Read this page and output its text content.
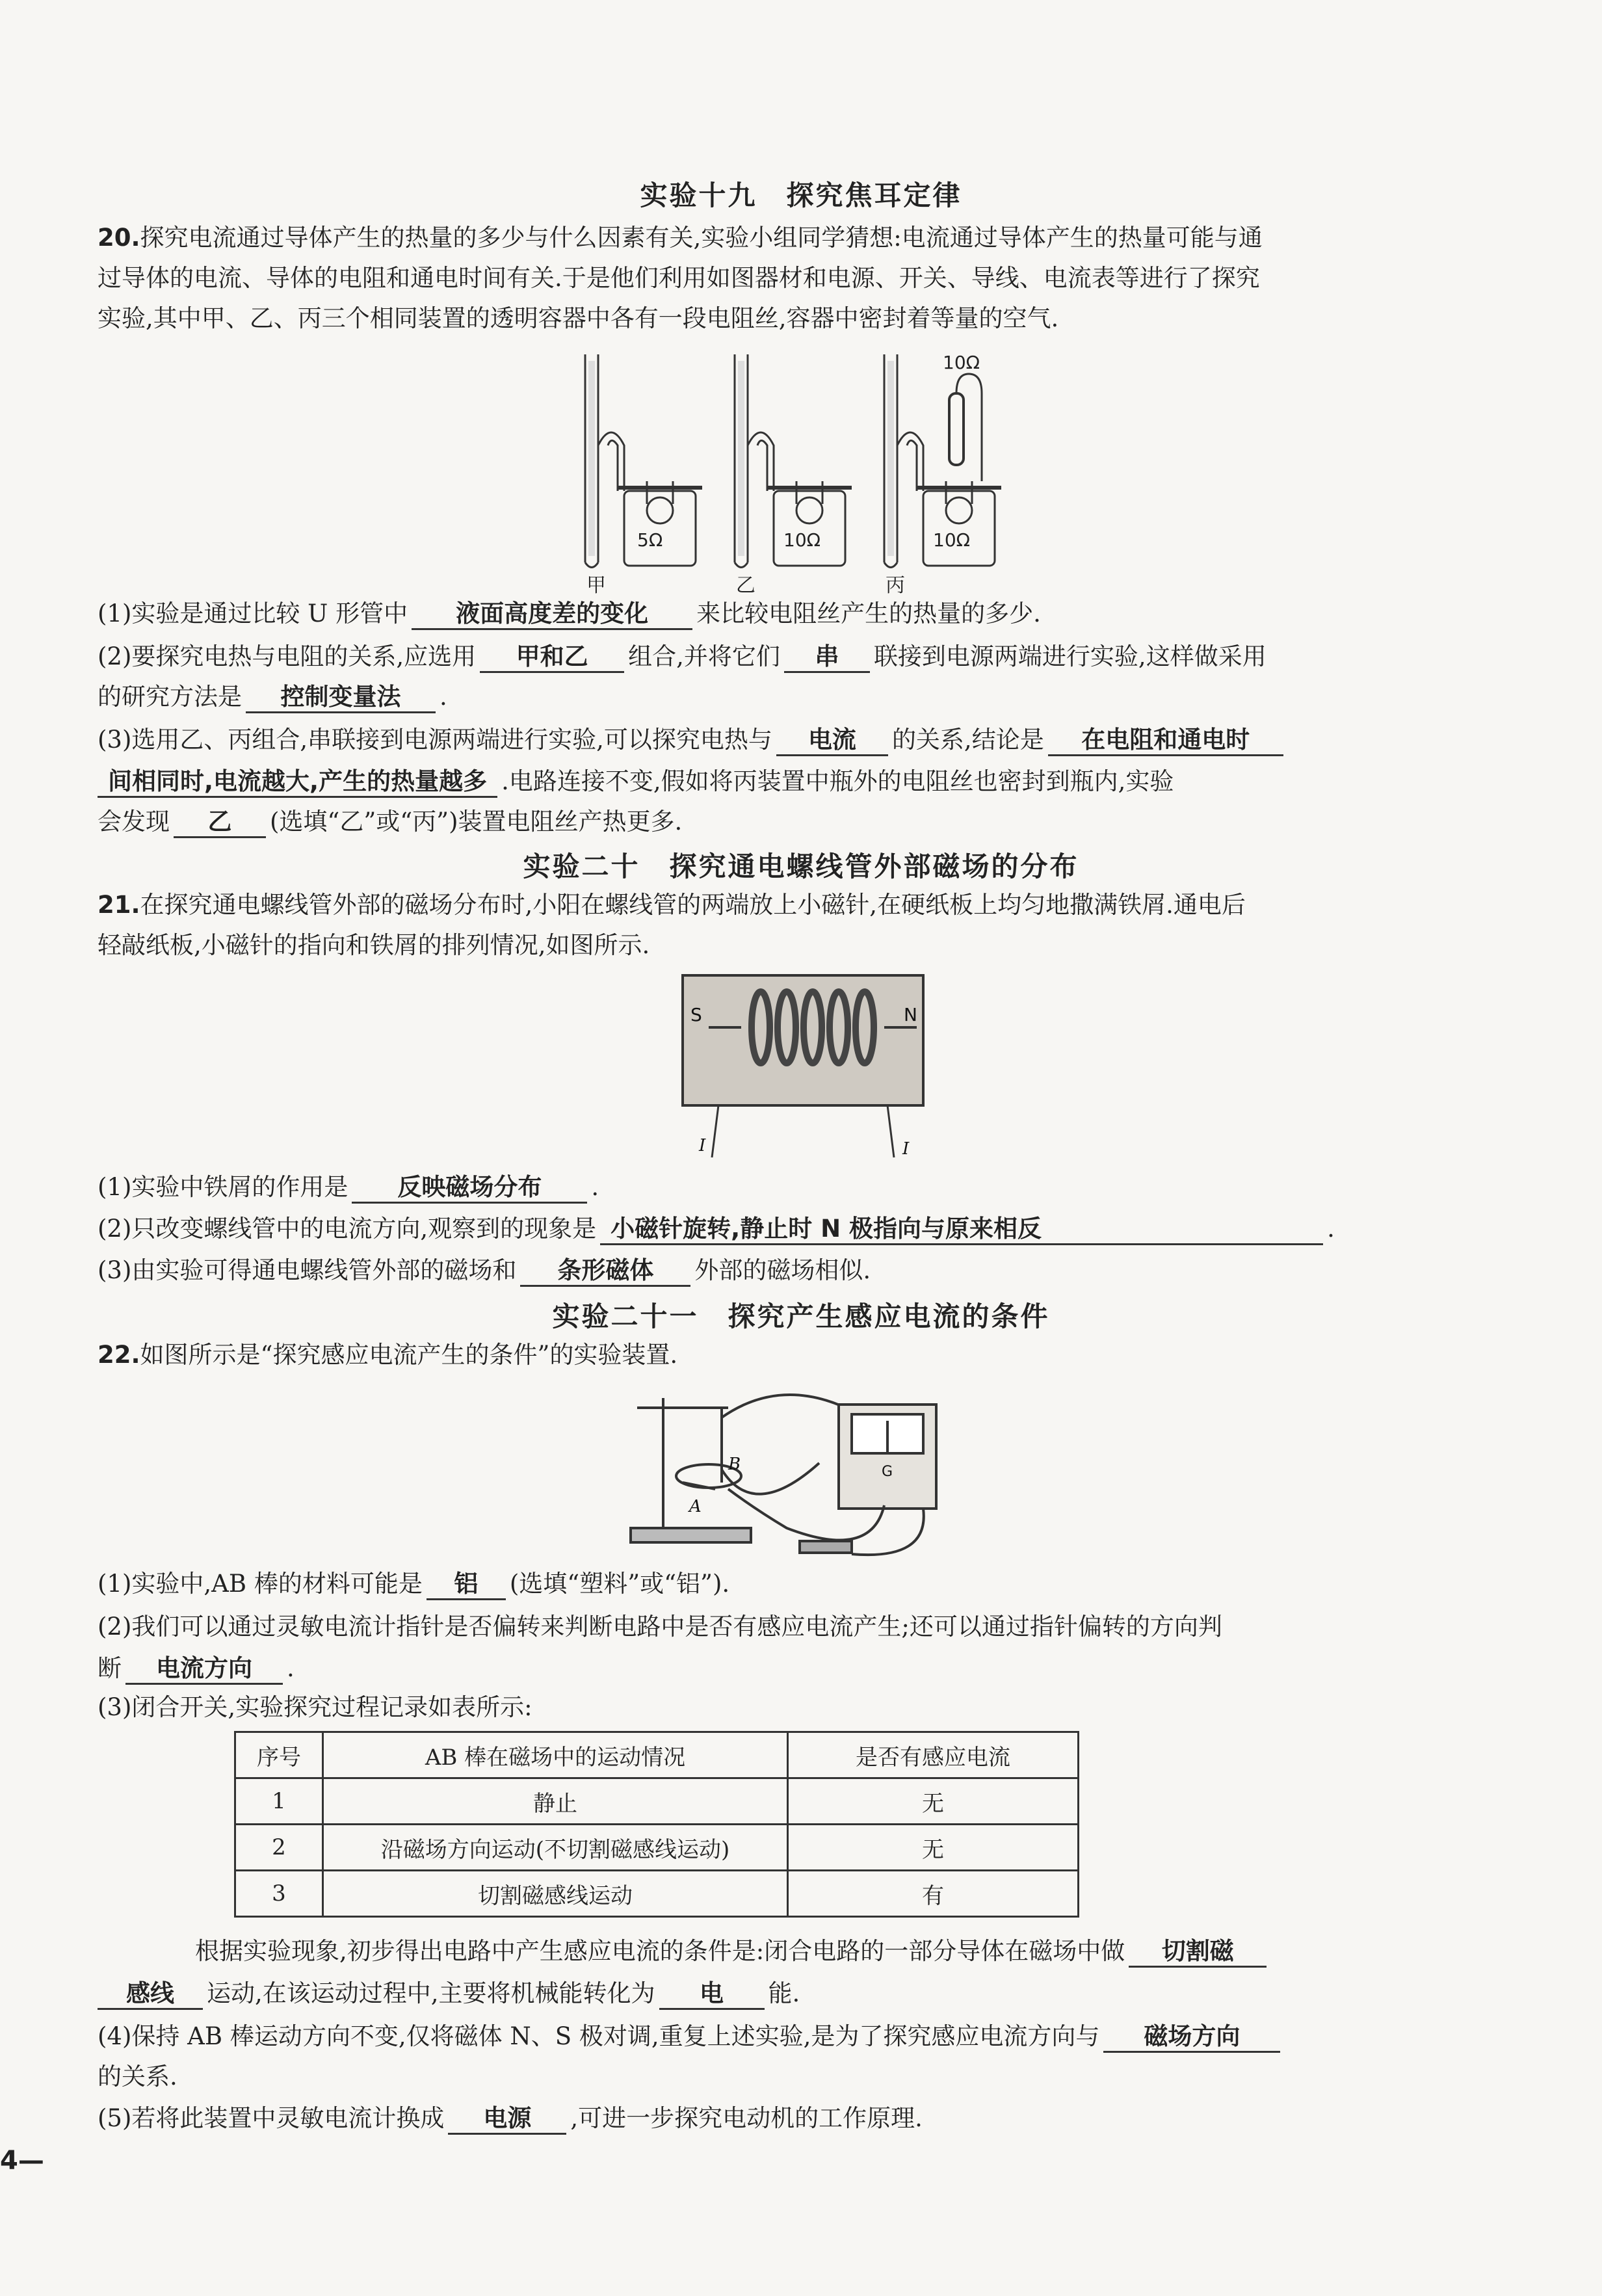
实验十九　探究焦耳定律
20.探究电流通过导体产生的热量的多少与什么因素有关,实验小组同学猜想:电流通过导体产生的热量可能与通
过导体的电流、导体的电阻和通电时间有关.于是他们利用如图器材和电源、开关、导线、电流表等进行了探究
实验,其中甲、乙、丙三个相同装置的透明容器中各有一段电阻丝,容器中密封着等量的空气.
5Ω	10Ω	10Ω
10Ω
甲	乙	丙
(1)实验是通过比较 U 形管中 液面高度差的变化 来比较电阻丝产生的热量的多少.
(2)要探究电热与电阻的关系,应选用 甲和乙 组合,并将它们 串 联接到电源两端进行实验,这样做采用
的研究方法是 控制变量法 .
(3)选用乙、丙组合,串联接到电源两端进行实验,可以探究电热与 电流 的关系,结论是 在电阻和通电时
间相同时,电流越大,产生的热量越多 .电路连接不变,假如将丙装置中瓶外的电阻丝也密封到瓶内,实验
会发现 乙 (选填“乙”或“丙”)装置电阻丝产热更多.
实验二十　探究通电螺线管外部磁场的分布
21.在探究通电螺线管外部的磁场分布时,小阳在螺线管的两端放上小磁针,在硬纸板上均匀地撒满铁屑.通电后
轻敲纸板,小磁针的指向和铁屑的排列情况,如图所示.
S	N
I	I
(1)实验中铁屑的作用是 反映磁场分布 .
(2)只改变螺线管中的电流方向,观察到的现象是 小磁针旋转,静止时 N 极指向与原来相反	.
(3)由实验可得通电螺线管外部的磁场和 条形磁体 外部的磁场相似.
实验二十一　探究产生感应电流的条件
22.如图所示是“探究感应电流产生的条件”的实验装置.
A
B	G
(1)实验中,AB 棒的材料可能是 铝 (选填“塑料”或“铝”).
(2)我们可以通过灵敏电流计指针是否偏转来判断电路中是否有感应电流产生;还可以通过指针偏转的方向判
断 电流方向 .
(3)闭合开关,实验探究过程记录如表所示:
序号	AB 棒在磁场中的运动情况	是否有感应电流
1	静止	无
2	沿磁场方向运动(不切割磁感线运动)	无
3	切割磁感线运动	有
根据实验现象,初步得出电路中产生感应电流的条件是:闭合电路的一部分导体在磁场中做 切割磁
感线 运动,在该运动过程中,主要将机械能转化为 电 能.
(4)保持 AB 棒运动方向不变,仅将磁体 N、S 极对调,重复上述实验,是为了探究感应电流方向与 磁场方向
的关系.
(5)若将此装置中灵敏电流计换成 电源 ,可进一步探究电动机的工作原理.
4—
